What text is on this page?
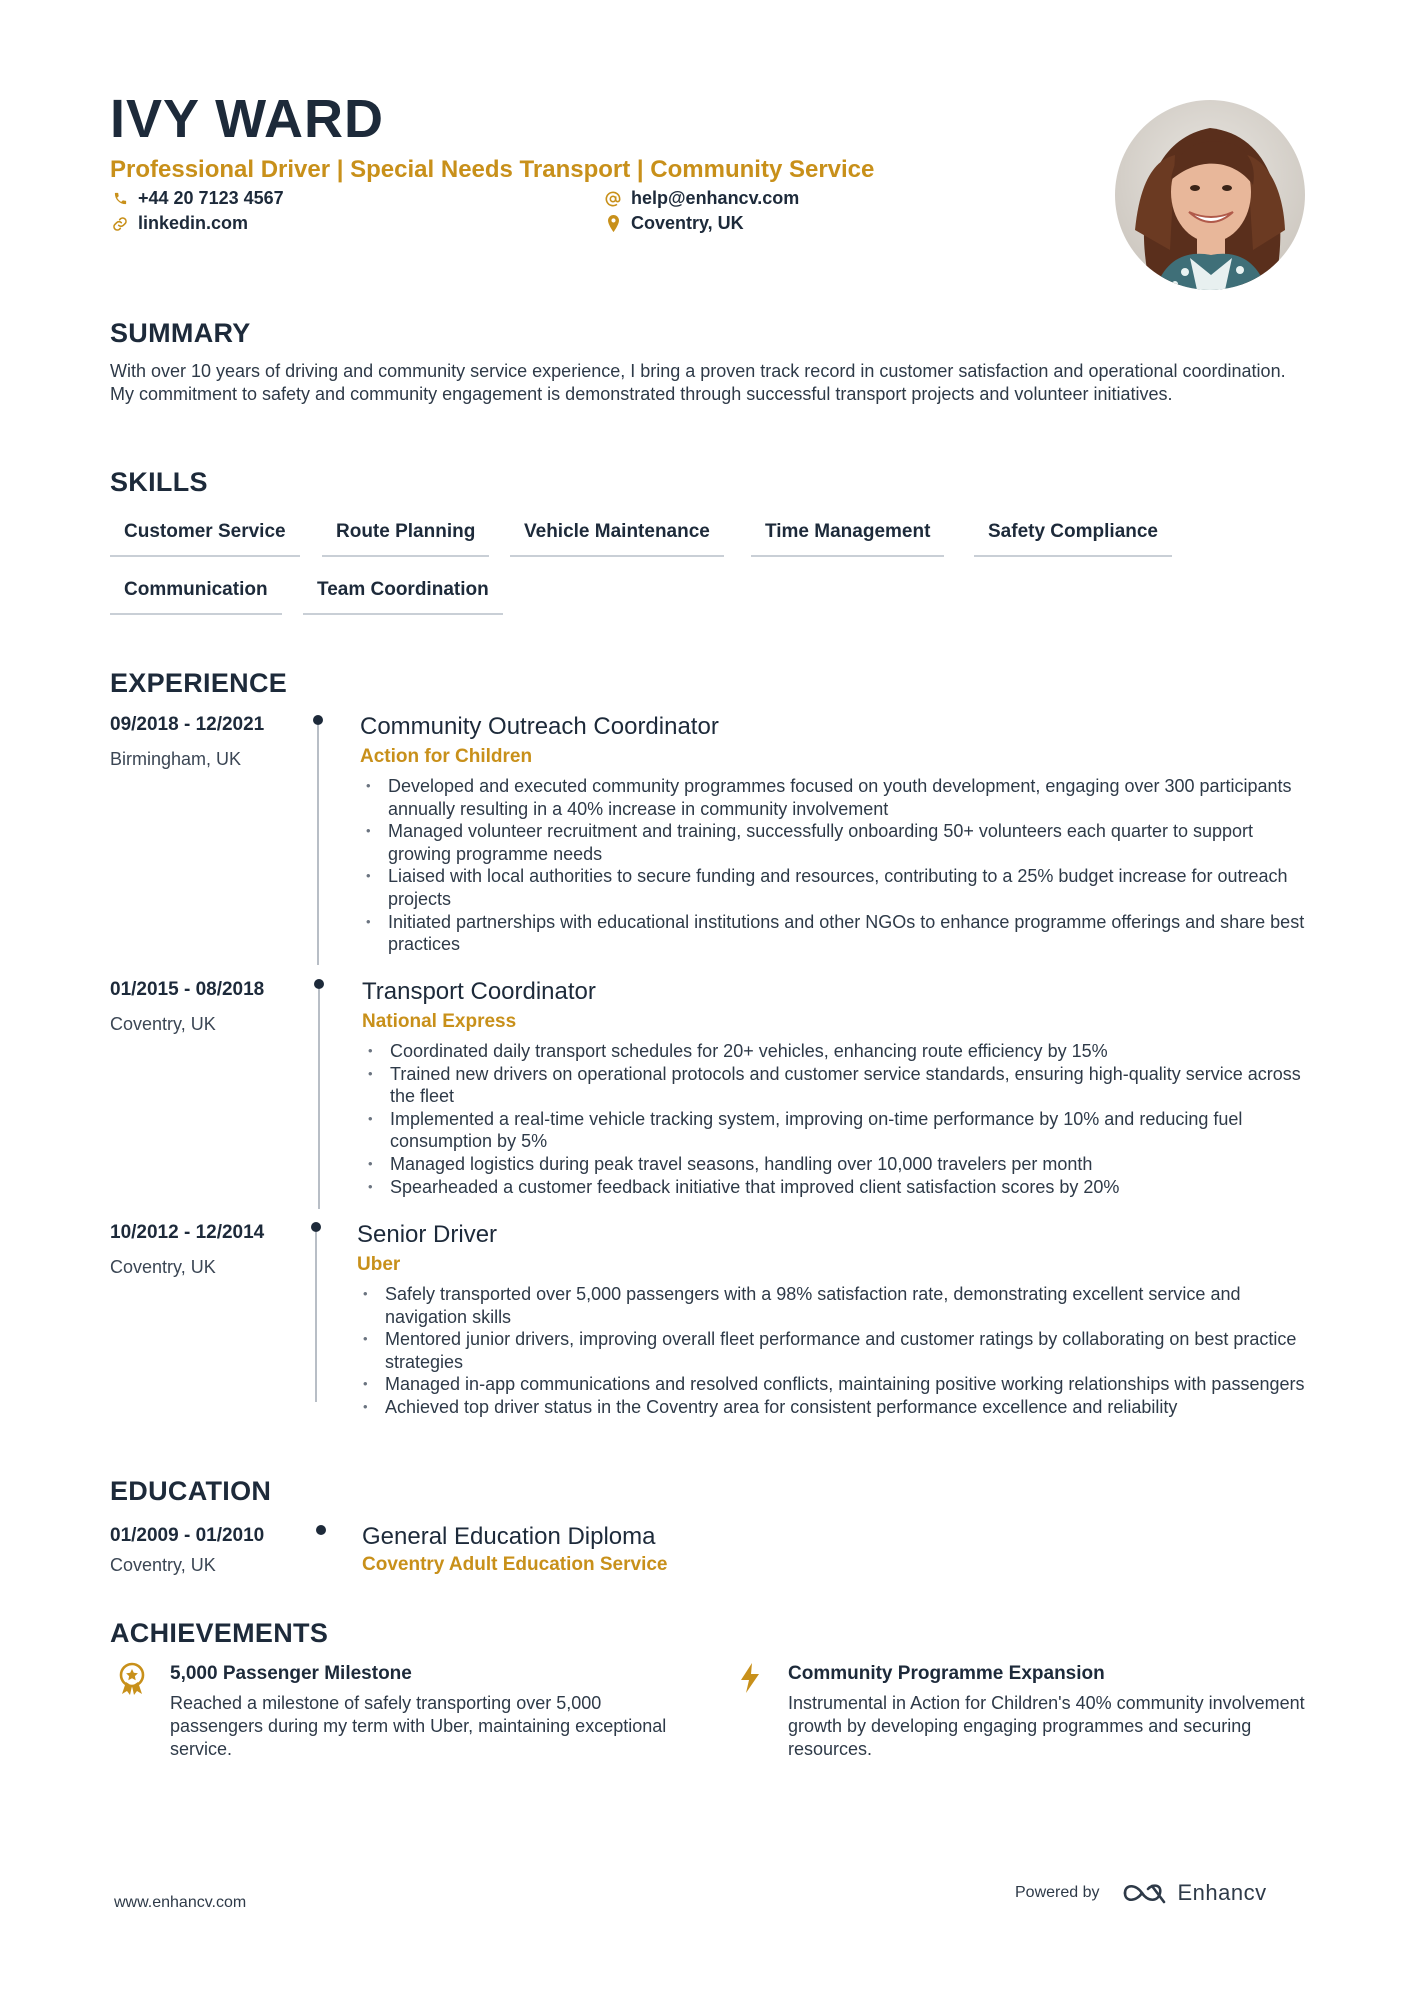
IVY WARD
Professional Driver | Special Needs Transport | Community Service
+44 20 7123 4567	help@enhancv.com
linkedin.com	Coventry, UK
SUMMARY
With over 10 years of driving and community service experience, I bring a proven track record in customer satisfaction and operational coordination. My commitment to safety and community engagement is demonstrated through successful transport projects and volunteer initiatives.
SKILLS
Customer Service	Route Planning	Vehicle Maintenance	Time Management	Safety Compliance
Communication	Team Coordination
EXPERIENCE
09/2018 - 12/2021
Birmingham, UK
Community Outreach Coordinator
Action for Children
• Developed and executed community programmes focused on youth development, engaging over 300 participants annually resulting in a 40% increase in community involvement
• Managed volunteer recruitment and training, successfully onboarding 50+ volunteers each quarter to support growing programme needs
• Liaised with local authorities to secure funding and resources, contributing to a 25% budget increase for outreach projects
• Initiated partnerships with educational institutions and other NGOs to enhance programme offerings and share best practices
01/2015 - 08/2018
Coventry, UK
Transport Coordinator
National Express
• Coordinated daily transport schedules for 20+ vehicles, enhancing route efficiency by 15%
• Trained new drivers on operational protocols and customer service standards, ensuring high-quality service across the fleet
• Implemented a real-time vehicle tracking system, improving on-time performance by 10% and reducing fuel consumption by 5%
• Managed logistics during peak travel seasons, handling over 10,000 travelers per month
• Spearheaded a customer feedback initiative that improved client satisfaction scores by 20%
10/2012 - 12/2014
Coventry, UK
Senior Driver
Uber
• Safely transported over 5,000 passengers with a 98% satisfaction rate, demonstrating excellent service and navigation skills
• Mentored junior drivers, improving overall fleet performance and customer ratings by collaborating on best practice strategies
• Managed in-app communications and resolved conflicts, maintaining positive working relationships with passengers
• Achieved top driver status in the Coventry area for consistent performance excellence and reliability
EDUCATION
01/2009 - 01/2010
Coventry, UK
General Education Diploma
Coventry Adult Education Service
ACHIEVEMENTS
5,000 Passenger Milestone
Reached a milestone of safely transporting over 5,000 passengers during my term with Uber, maintaining exceptional service.
Community Programme Expansion
Instrumental in Action for Children's 40% community involvement growth by developing engaging programmes and securing resources.
www.enhancv.com
Powered by	Enhancv
